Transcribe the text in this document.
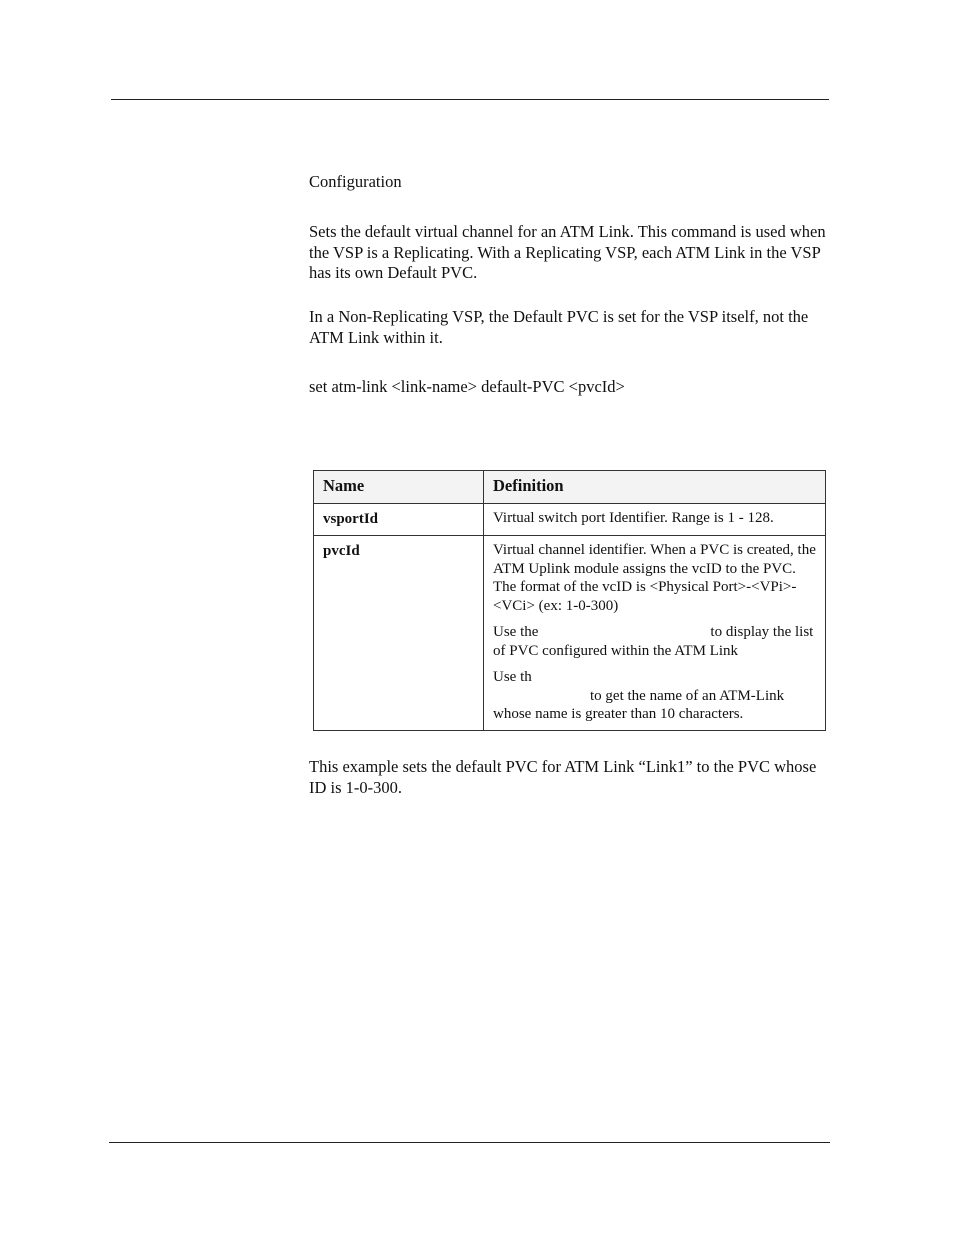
Configuration

Sets the default virtual channel for an ATM Link. This command is used when the VSP is a Replicating. With a Replicating VSP, each ATM Link in the VSP has its own Default PVC.

In a Non-Replicating VSP, the Default PVC is set for the VSP itself, not the ATM Link within it.

set atm-link <link-name> default-PVC <pvcId>

Name	Definition
vsportId	Virtual switch port Identifier. Range is 1 - 128.

pvcId	Virtual channel identifier. When a PVC is created, the ATM Uplink module assigns the vcID to the PVC. The format of the vcID is <Physical Port>-<VPi>-<VCi> (ex: 1-0-300)

Use the to display the list of PVC configured within the ATM Link

Use th
to get the name of an ATM-Link whose name is greater than 10 characters.

This example sets the default PVC for ATM Link “Link1” to the PVC whose ID is 1-0-300.
